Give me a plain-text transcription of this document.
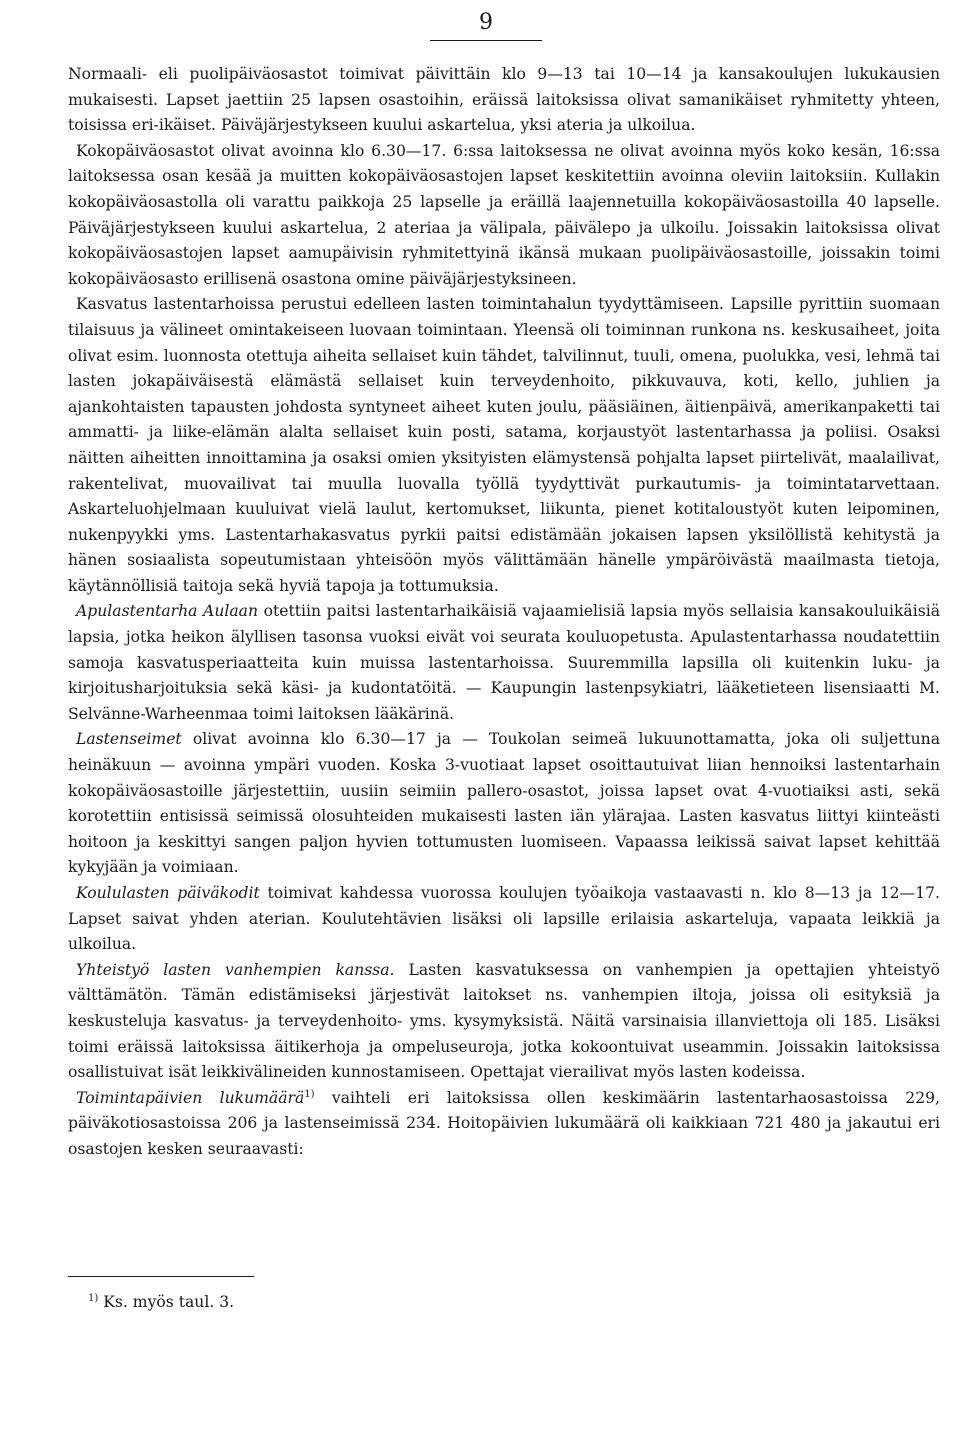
9

Normaali- eli puolipäiväosastot toimivat päivittäin klo 9—13 tai 10—14 ja kansakoulujen lukukausien mukaisesti. Lapset jaettiin 25 lapsen osastoihin, eräissä laitoksissa olivat samanikäiset ryhmitetty yhteen, toisissa eri-ikäiset. Päiväjärjestykseen kuului askartelua, yksi ateria ja ulkoilua.

Kokopäiväosastot olivat avoinna klo 6.30—17. 6:ssa laitoksessa ne olivat avoinna myös koko kesän, 16:ssa laitoksessa osan kesää ja muitten kokopäiväosastojen lapset keskitettiin avoinna oleviin laitoksiin. Kullakin kokopäiväosastolla oli varattu paikkoja 25 lapselle ja eräillä laajennetuilla kokopäiväosastoilla 40 lapselle. Päiväjärjestykseen kuului askartelua, 2 ateriaa ja välipala, päivälepo ja ulkoilu. Joissakin laitoksissa olivat kokopäiväosastojen lapset aamupäivisin ryhmitettyinä ikänsä mukaan puolipäiväosastoille, joissakin toimi kokopäiväosasto erillisenä osastona omine päiväjärjestyksineen.

Kasvatus lastentarhoissa perustui edelleen lasten toimintahalun tyydyttämiseen. Lapsille pyrittiin suomaan tilaisuus ja välineet omintakeiseen luovaan toimintaan. Yleensä oli toiminnan runkona ns. keskusaiheet, joita olivat esim. luonnosta otettuja aiheita sellaiset kuin tähdet, talvilinnut, tuuli, omena, puolukka, vesi, lehmä tai lasten jokapäiväisestä elämästä sellaiset kuin terveydenhoito, pikkuvauva, koti, kello, juhlien ja ajankohtaisten tapausten johdosta syntyneet aiheet kuten joulu, pääsiäinen, äitienpäivä, amerikanpaketti tai ammatti- ja liike-elämän alalta sellaiset kuin posti, satama, korjaustyöt lastentarhassa ja poliisi. Osaksi näitten aiheitten innoittamina ja osaksi omien yksityisten elämystensä pohjalta lapset piirtelivät, maalailivat, rakentelivat, muovailivat tai muulla luovalla työllä tyydyttivät purkautumis- ja toimintatarvettaan. Askarteluohjelmaan kuuluivat vielä laulut, kertomukset, liikunta, pienet kotitaloustyöt kuten leipominen, nukenpyykki yms. Lastentarhakasvatus pyrkii paitsi edistämään jokaisen lapsen yksilöllistä kehitystä ja hänen sosiaalista sopeutumistaan yhteisöön myös välittämään hänelle ympäröivästä maailmasta tietoja, käytännöllisiä taitoja sekä hyviä tapoja ja tottumuksia.

Apulastentarha Aulaan otettiin paitsi lastentarhaikäisiä vajaamielisiä lapsia myös sellaisia kansakouluikäisiä lapsia, jotka heikon älyllisen tasonsa vuoksi eivät voi seurata kouluopetusta. Apulastentarhassa noudatettiin samoja kasvatusperiaatteita kuin muissa lastentarhoissa. Suuremmilla lapsilla oli kuitenkin luku- ja kirjoitusharjoituksia sekä käsi- ja kudontatöitä. — Kaupungin lastenpsykiatri, lääketieteen lisensiaatti M. Selvänne-Warheenmaa toimi laitoksen lääkärinä.

Lastenseimet olivat avoinna klo 6.30—17 ja — Toukolan seimeä lukuunottamatta, joka oli suljettuna heinäkuun — avoinna ympäri vuoden. Koska 3-vuotiaat lapset osoittautuivat liian hennoiksi lastentarhain kokopäiväosastoille järjestettiin, uusiin seimiin pallero-osastot, joissa lapset ovat 4-vuotiaiksi asti, sekä korotettiin entisissä seimissä olosuhteiden mukaisesti lasten iän ylärajaa. Lasten kasvatus liittyi kiinteästi hoitoon ja keskittyi sangen paljon hyvien tottumusten luomiseen. Vapaassa leikissä saivat lapset kehittää kykyjään ja voimiaan.

Koululasten päiväkodit toimivat kahdessa vuorossa koulujen työaikoja vastaavasti n. klo 8—13 ja 12—17. Lapset saivat yhden aterian. Koulutehtävien lisäksi oli lapsille erilaisia askarteluja, vapaata leikkiä ja ulkoilua.

Yhteistyö lasten vanhempien kanssa. Lasten kasvatuksessa on vanhempien ja opettajien yhteistyö välttämätön. Tämän edistämiseksi järjestivät laitokset ns. vanhempien iltoja, joissa oli esityksiä ja keskusteluja kasvatus- ja terveydenhoito- yms. kysymyksistä. Näitä varsinaisia illanviettoja oli 185. Lisäksi toimi eräissä laitoksissa äitikerhoja ja ompeluseuroja, jotka kokoontuivat useammin. Joissakin laitoksissa osallistuivat isät leikkivälineiden kunnostamiseen. Opettajat vierailivat myös lasten kodeissa.

Toimintapäivien lukumäärä$^{1)}$ vaihteli eri laitoksissa ollen keskimäärin lastentarhaosastoissa 229, päiväkotiosastoissa 206 ja lastenseimissä 234. Hoitopäivien lukumäärä oli kaikkiaan 721 480 ja jakautui eri osastojen kesken seuraavasti:

$^{1)}$ Ks. myös taul. 3.
